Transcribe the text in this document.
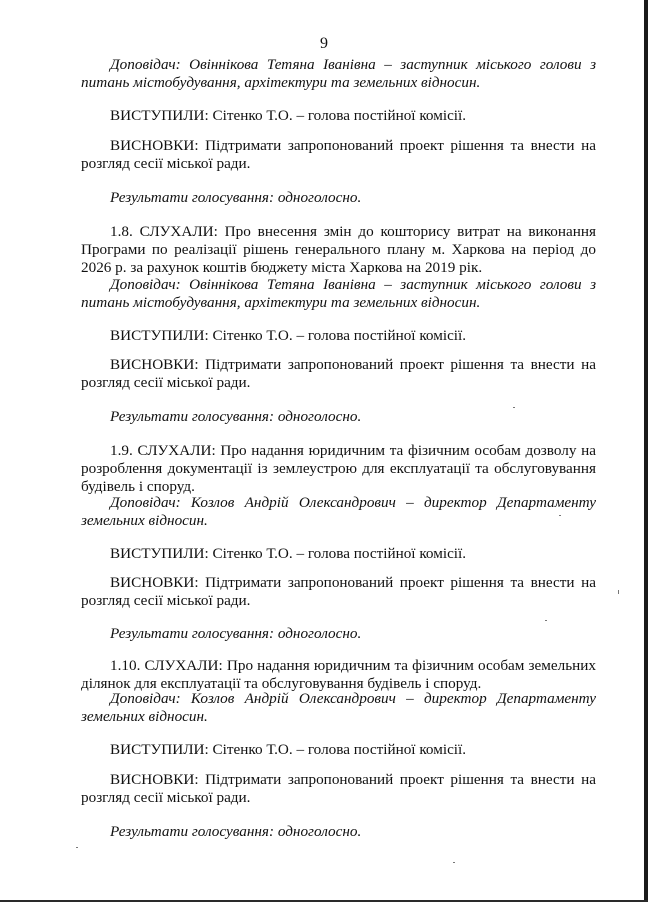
9

Доповідач: Овіннікова Тетяна Іванівна – заступник міського голови з питань містобудування, архітектури та земельних відносин.

ВИСТУПИЛИ: Сітенко Т.О. – голова постійної комісії.

ВИСНОВКИ: Підтримати запропонований проект рішення та внести на розгляд сесії міської ради.

Результати голосування: одноголосно.

1.8. СЛУХАЛИ: Про внесення змін до кошторису витрат на виконання Програми по реалізації рішень генерального плану м. Харкова на період до 2026 р. за рахунок коштів бюджету міста Харкова на 2019 рік.

Доповідач: Овіннікова Тетяна Іванівна – заступник міського голови з питань містобудування, архітектури та земельних відносин.

ВИСТУПИЛИ: Сітенко Т.О. – голова постійної комісії.

ВИСНОВКИ: Підтримати запропонований проект рішення та внести на розгляд сесії міської ради.

Результати голосування: одноголосно.

1.9. СЛУХАЛИ: Про надання юридичним та фізичним особам дозволу на розроблення документації із землеустрою для експлуатації та обслуговування будівель і споруд.

Доповідач: Козлов Андрій Олександрович – директор Департаменту земельних відносин.

ВИСТУПИЛИ: Сітенко Т.О. – голова постійної комісії.

ВИСНОВКИ: Підтримати запропонований проект рішення та внести на розгляд сесії міської ради.

Результати голосування: одноголосно.

1.10. СЛУХАЛИ: Про надання юридичним та фізичним особам земельних ділянок для експлуатації та обслуговування будівель і споруд.

Доповідач: Козлов Андрій Олександрович – директор Департаменту земельних відносин.

ВИСТУПИЛИ: Сітенко Т.О. – голова постійної комісії.

ВИСНОВКИ: Підтримати запропонований проект рішення та внести на розгляд сесії міської ради.

Результати голосування: одноголосно.
